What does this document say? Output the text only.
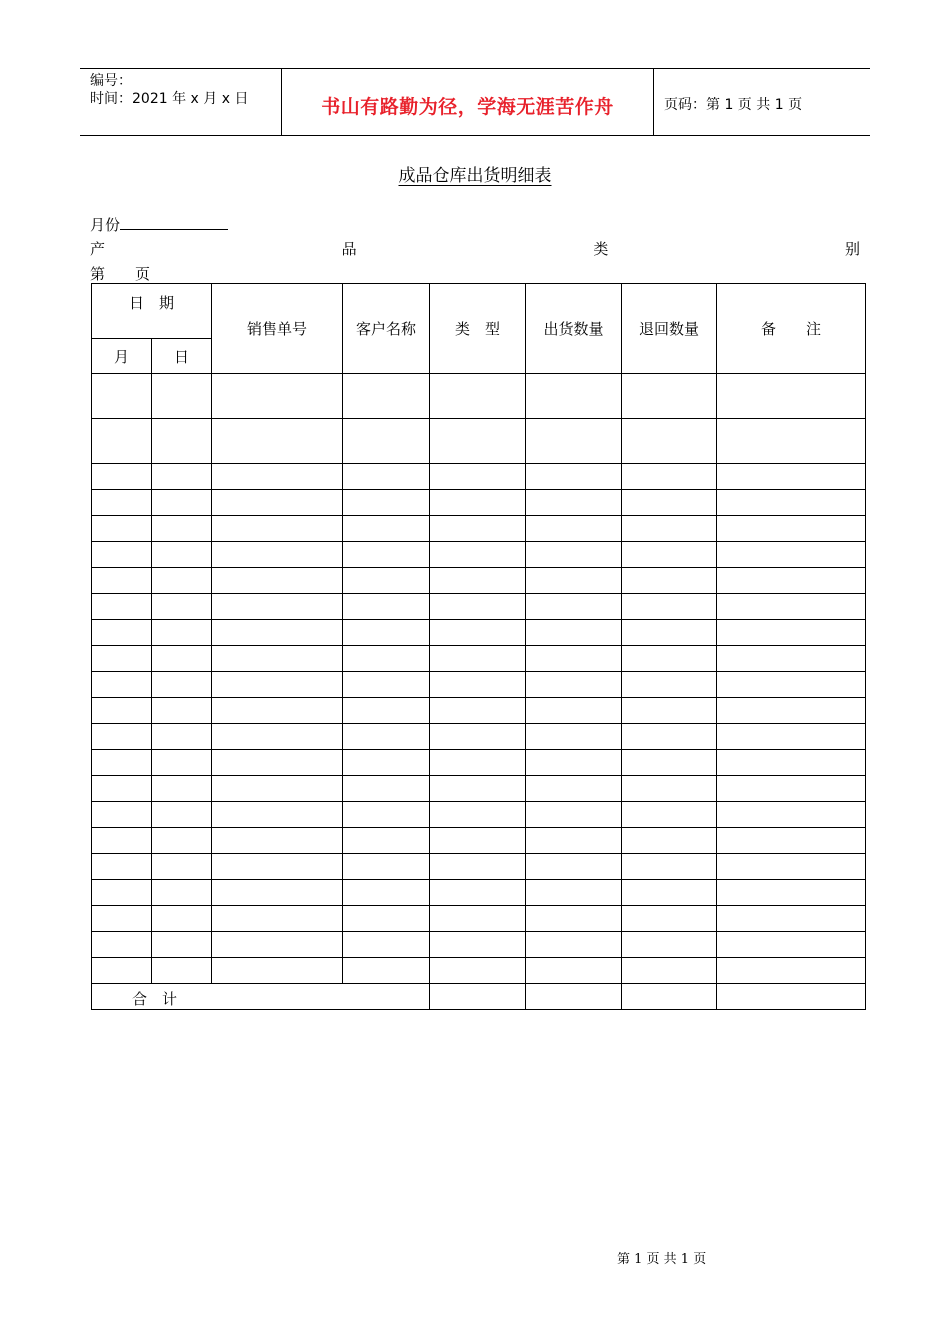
编号：
时间：2021 年 x 月 x 日	书山有路勤为径，学海无涯苦作舟	页码：第 1 页 共 1 页
成品仓库出货明细表
月份
产	品	类	别
第　　页
日　期		销售单号	客户名称	类　型	出货数量	退回数量	备　　注
月	日						

合　计							
第 1 页 共 1 页
